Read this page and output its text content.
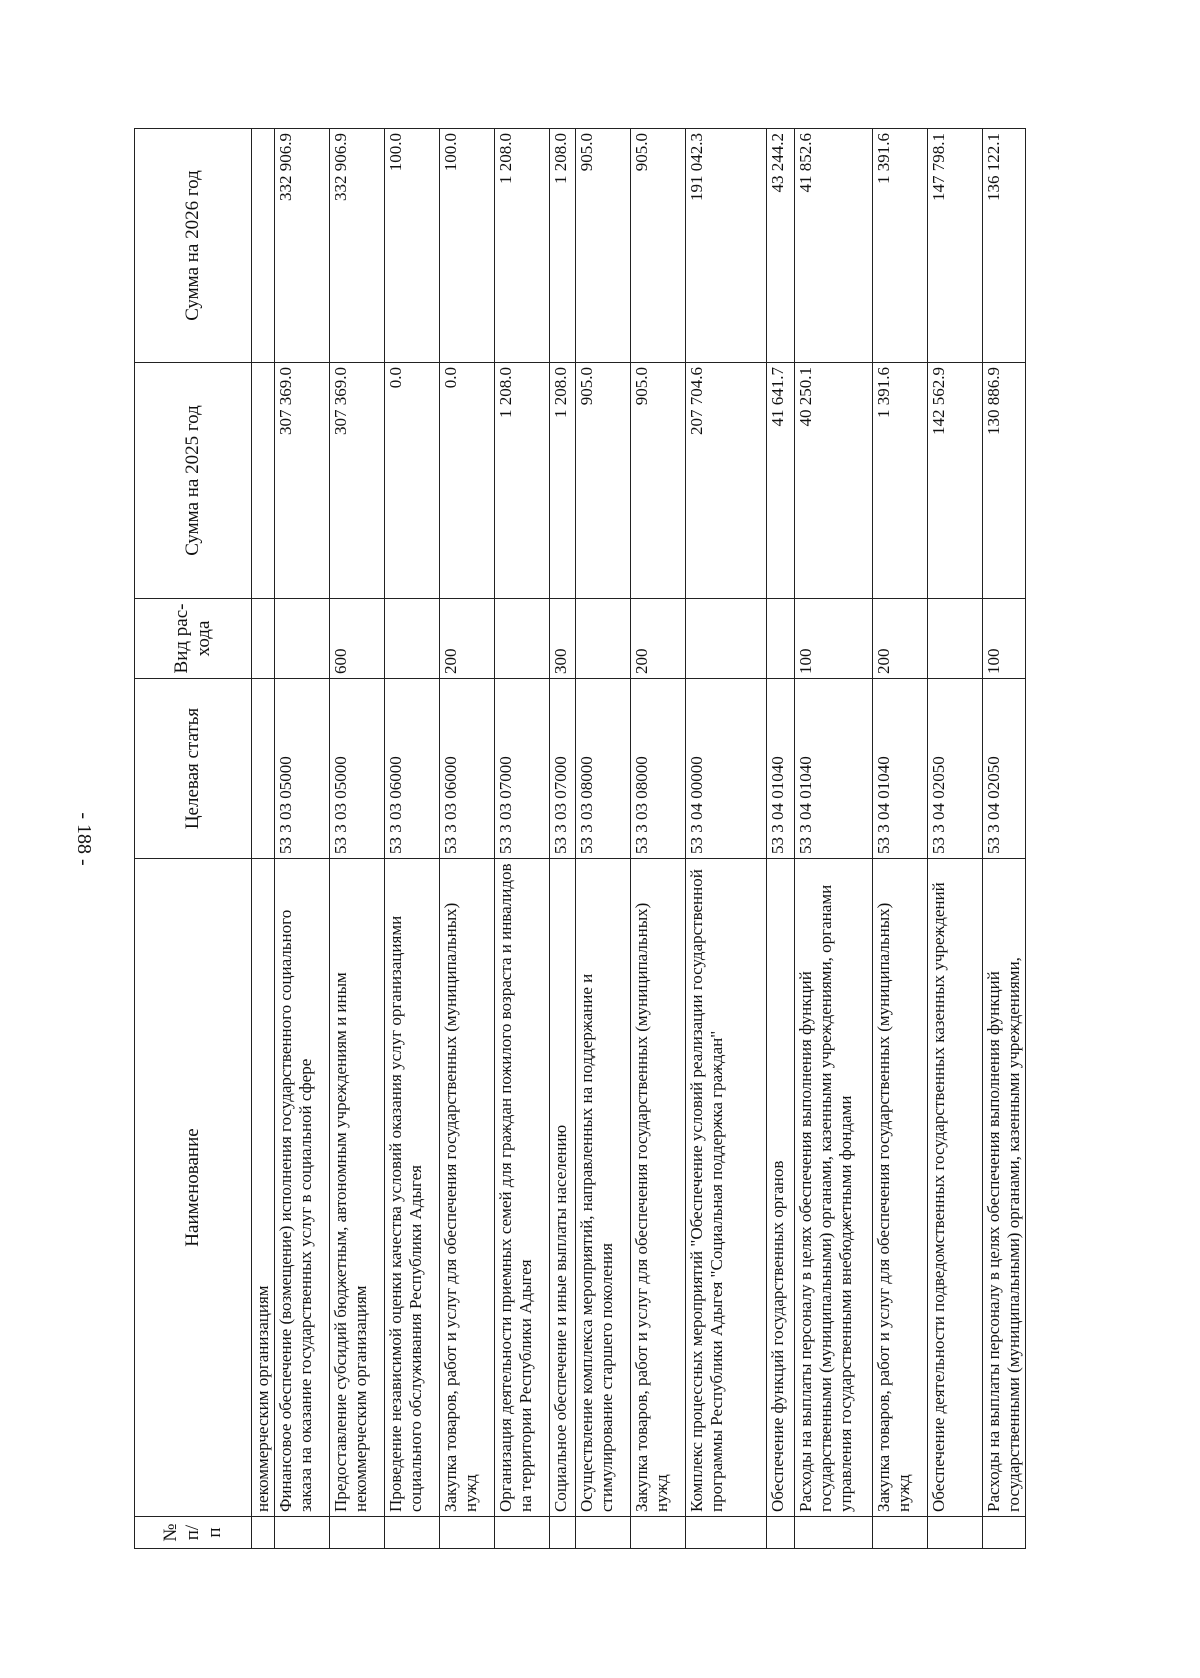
- 188 -
№ п/п	Наименование	Целевая статья	Вид рас- хода	Сумма на 2025 год	Сумма на 2026 год
	некоммерческим организациям				
	Финансовое обеспечение (возмещение) исполнения государственного социального заказа на оказание государственных услуг в социальной сфере	53 3 03 05000		307 369.0	332 906.9
	Предоставление субсидий бюджетным, автономным учреждениям и иным некоммерческим организациям	53 3 03 05000	600	307 369.0	332 906.9
	Проведение независимой оценки качества условий оказания услуг организациями социального обслуживания Республики Адыгея	53 3 03 06000		0.0	100.0
	Закупка товаров, работ и услуг для обеспечения государственных (муниципальных) нужд	53 3 03 06000	200	0.0	100.0
	Организация деятельности приемных семей для граждан пожилого возраста и инвалидов на территории Республики Адыгея	53 3 03 07000		1 208.0	1 208.0
	Социальное обеспечение и иные выплаты населению	53 3 03 07000	300	1 208.0	1 208.0
	Осуществление комплекса мероприятий, направленных на поддержание и стимулирование старшего поколения	53 3 03 08000		905.0	905.0
	Закупка товаров, работ и услуг для обеспечения государственных (муниципальных) нужд	53 3 03 08000	200	905.0	905.0
	Комплекс процессных мероприятий "Обеспечение условий реализации государственной программы Республики Адыгея "Социальная поддержка граждан"	53 3 04 00000		207 704.6	191 042.3
	Обеспечение функций государственных органов	53 3 04 01040		41 641.7	43 244.2
	Расходы на выплаты персоналу в целях обеспечения выполнения функций государственными (муниципальными) органами, казенными учреждениями, органами управления государственными внебюджетными фондами	53 3 04 01040	100	40 250.1	41 852.6
	Закупка товаров, работ и услуг для обеспечения государственных (муниципальных) нужд	53 3 04 01040	200	1 391.6	1 391.6
	Обеспечение деятельности подведомственных государственных казенных учреждений	53 3 04 02050		142 562.9	147 798.1
	Расходы на выплаты персоналу в целях обеспечения выполнения функций государственными (муниципальными) органами, казенными учреждениями,	53 3 04 02050	100	130 886.9	136 122.1
